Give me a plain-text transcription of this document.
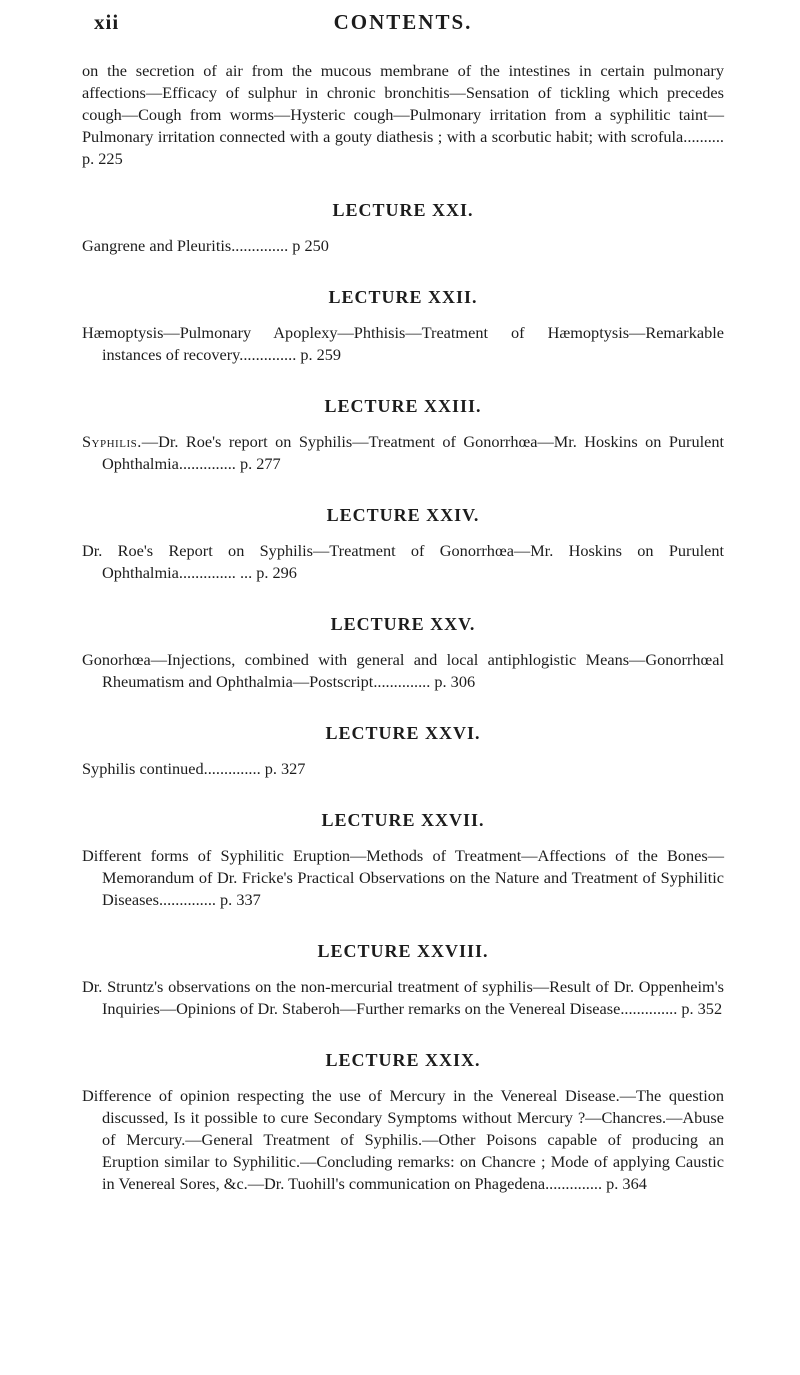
xii	CONTENTS.

on the secretion of air from the mucous membrane of the intestines in certain pulmonary affections—Efficacy of sulphur in chronic bronchitis—Sensation of tickling which precedes cough—Cough from worms—Hysteric cough—Pulmonary irritation from a syphilitic taint—Pulmonary irritation connected with a gouty diathesis ; with a scorbutic habit; with scrofula.......... p. 225

LECTURE XXI.

Gangrene and Pleuritis.............. p 250

LECTURE XXII.

Hæmoptysis—Pulmonary Apoplexy—Phthisis—Treatment of Hæmoptysis—Remarkable instances of recovery.............. p. 259

LECTURE XXIII.

Syphilis.—Dr. Roe's report on Syphilis—Treatment of Gonorrhœa—Mr. Hoskins on Purulent Ophthalmia.............. p. 277

LECTURE XXIV.

Dr. Roe's Report on Syphilis—Treatment of Gonorrhœa—Mr. Hoskins on Purulent Ophthalmia.............. ... p. 296

LECTURE XXV.

Gonorhœa—Injections, combined with general and local antiphlogistic Means—Gonorrhœal Rheumatism and Ophthalmia—Postscript.............. p. 306

LECTURE XXVI.

Syphilis continued.............. p. 327

LECTURE XXVII.

Different forms of Syphilitic Eruption—Methods of Treatment—Affections of the Bones—Memorandum of Dr. Fricke's Practical Observations on the Nature and Treatment of Syphilitic Diseases.............. p. 337

LECTURE XXVIII.

Dr. Struntz's observations on the non-mercurial treatment of syphilis—Result of Dr. Oppenheim's Inquiries—Opinions of Dr. Staberoh—Further remarks on the Venereal Disease.............. p. 352

LECTURE XXIX.

Difference of opinion respecting the use of Mercury in the Venereal Disease.—The question discussed, Is it possible to cure Secondary Symptoms without Mercury ?—Chancres.—Abuse of Mercury.—General Treatment of Syphilis.—Other Poisons capable of producing an Eruption similar to Syphilitic.—Concluding remarks: on Chancre ; Mode of applying Caustic in Venereal Sores, &c.—Dr. Tuohill's communication on Phagedena.............. p. 364
